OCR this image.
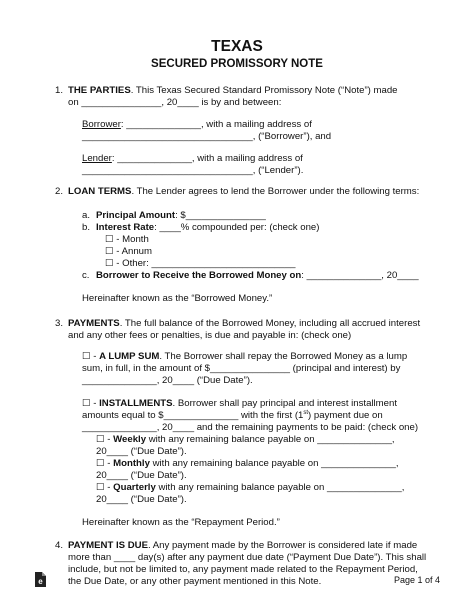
TEXAS
SECURED PROMISSORY NOTE
1. THE PARTIES. This Texas Secured Standard Promissory Note (“Note”) made
on _______________, 20____ is by and between:
Borrower: ______________, with a mailing address of
________________________________, (“Borrower”), and
Lender: ______________, with a mailing address of
________________________________, (“Lender”).
2. LOAN TERMS. The Lender agrees to lend the Borrower under the following terms:
a. Principal Amount: $_______________
b. Interest Rate: ____% compounded per: (check one)
☐ - Month
☐ - Annum
☐ - Other: ___________________________
c. Borrower to Receive the Borrowed Money on: ______________, 20____
Hereinafter known as the “Borrowed Money.”
3. PAYMENTS. The full balance of the Borrowed Money, including all accrued interest
and any other fees or penalties, is due and payable in: (check one)
☐ - A LUMP SUM. The Borrower shall repay the Borrowed Money as a lump
sum, in full, in the amount of $_______________ (principal and interest) by
______________, 20____ (“Due Date”).
☐ - INSTALLMENTS. Borrower shall pay principal and interest installment
amounts equal to $______________ with the first (1st) payment due on
______________, 20____ and the remaining payments to be paid: (check one)
☐ - Weekly with any remaining balance payable on ______________,
20____ (“Due Date”).
☐ - Monthly with any remaining balance payable on ______________,
20____ (“Due Date”).
☐ - Quarterly with any remaining balance payable on ______________,
20____ (“Due Date”).
Hereinafter known as the “Repayment Period.”
4. PAYMENT IS DUE. Any payment made by the Borrower is considered late if made
more than ____ day(s) after any payment due date (“Payment Due Date”). This shall
include, but not be limited to, any payment made related to the Repayment Period,
the Due Date, or any other payment mentioned in this Note.
e	Page 1 of 4
